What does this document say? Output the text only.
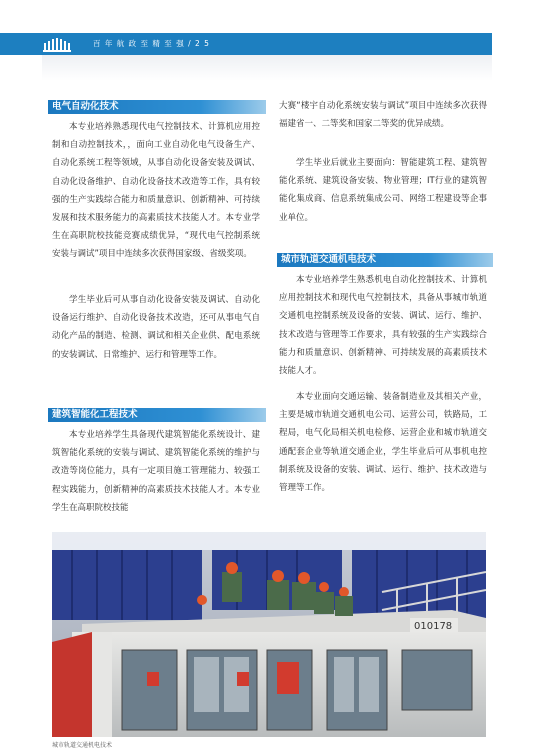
百 年 航 政 至 精 至 强 / 2 5
电气自动化技术

本专业培养熟悉现代电气控制技术、计算机应用控制和自动控制技术，，面向工业自动化电气设备生产、自动化系统工程等领域，从事自动化设备安装及调试、自动化设备维护、自动化设备技术改造等工作，具有较强的生产实践综合能力和质量意识、创新精神、可持续发展和技术服务能力的高素质技术技能人才。本专业学生在高职院校技能竞赛成绩优异，“现代电气控制系统安装与调试”项目中连续多次获得国家级、省级奖项。

学生毕业后可从事自动化设备安装及调试、自动化设备运行维护、自动化设备技术改造，还可从事电气自动化产品的制造、检测、调试和相关企业供、配电系统的安装调试、日常维护、运行和管理等工作。

建筑智能化工程技术

本专业培养学生具备现代建筑智能化系统设计、建筑智能化系统的安装与调试、建筑智能化系统的维护与改造等岗位能力，具有一定项目施工管理能力、较强工程实践能力，创新精神的高素质技术技能人才。本专业学生在高职院校技能

大赛“楼宇自动化系统安装与调试”项目中连续多次获得福建省一、二等奖和国家二等奖的优异成绩。

学生毕业后就业主要面向：智能建筑工程、建筑智能化系统、建筑设备安装、物业管理；IT行业的建筑智能化集成商、信息系统集成公司、网络工程建设等企事业单位。

城市轨道交通机电技术

本专业培养学生熟悉机电自动化控制技术、计算机应用控制技术和现代电气控制技术，具备从事城市轨道交通机电控制系统及设备的安装、调试、运行、维护、技术改造与管理等工作要求，具有较强的生产实践综合能力和质量意识、创新精神、可持续发展的高素质技术技能人才。

本专业面向交通运输、装备制造业及其相关产业，主要是城市轨道交通机电公司、运营公司，铁路局，工程局，电气化局相关机电检修、运营企业和城市轨道交通配套企业等轨道交通企业，学生毕业后可从事机电控制系统及设备的安装、调试、运行、维护、技术改造与管理等工作。

010178
城市轨道交通机电技术
